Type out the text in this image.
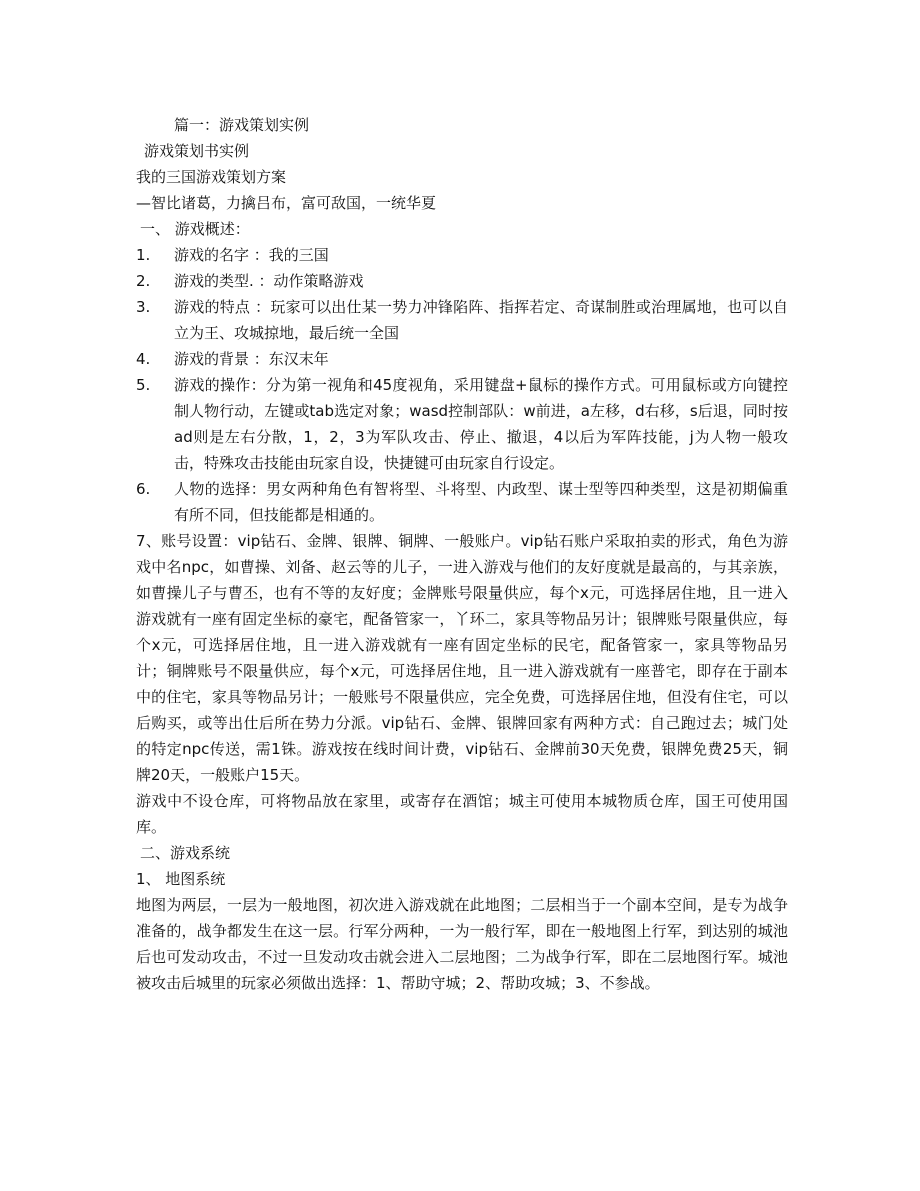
篇一：游戏策划实例
游戏策划书实例
我的三国游戏策划方案
—智比诸葛，力擒吕布，富可敌国，一统华夏
一、 游戏概述：
1.	游戏的名字 ：我的三国
2.	游戏的类型. ：动作策略游戏
3.	游戏的特点 ：玩家可以出仕某一势力冲锋陷阵、指挥若定、奇谋制胜或治理属地，也可以自立为王、攻城掠地，最后统一全国
4.	游戏的背景 ：东汉末年
5.	游戏的操作：分为第一视角和45度视角，采用键盘+鼠标的操作方式。可用鼠标或方向键控制人物行动，左键或tab选定对象；wasd控制部队：w前进，a左移，d右移，s后退，同时按ad则是左右分散，1，2，3为军队攻击、停止、撤退，4以后为军阵技能，j为人物一般攻击，特殊攻击技能由玩家自设，快捷键可由玩家自行设定。
6.	人物的选择：男女两种角色有智将型、斗将型、内政型、谋士型等四种类型，这是初期偏重有所不同，但技能都是相通的。
7、账号设置：vip钻石、金牌、银牌、铜牌、一般账户。vip钻石账户采取拍卖的形式，角色为游戏中名npc，如曹操、刘备、赵云等的儿子，一进入游戏与他们的友好度就是最高的，与其亲族，如曹操儿子与曹丕，也有不等的友好度；金牌账号限量供应，每个x元，可选择居住地，且一进入游戏就有一座有固定坐标的豪宅，配备管家一，丫环二，家具等物品另计；银牌账号限量供应，每个x元，可选择居住地，且一进入游戏就有一座有固定坐标的民宅，配备管家一，家具等物品另计；铜牌账号不限量供应，每个x元，可选择居住地，且一进入游戏就有一座普宅，即存在于副本中的住宅，家具等物品另计；一般账号不限量供应，完全免费，可选择居住地，但没有住宅，可以后购买，或等出仕后所在势力分派。vip钻石、金牌、银牌回家有两种方式：自己跑过去；城门处的特定npc传送，需1铢。游戏按在线时间计费，vip钻石、金牌前30天免费，银牌免费25天，铜牌20天，一般账户15天。
游戏中不设仓库，可将物品放在家里，或寄存在酒馆；城主可使用本城物质仓库，国王可使用国库。
二、游戏系统
1、 地图系统
地图为两层，一层为一般地图，初次进入游戏就在此地图；二层相当于一个副本空间，是专为战争准备的，战争都发生在这一层。行军分两种，一为一般行军，即在一般地图上行军，到达别的城池后也可发动攻击，不过一旦发动攻击就会进入二层地图；二为战争行军，即在二层地图行军。城池被攻击后城里的玩家必须做出选择：1、帮助守城；2、帮助攻城；3、不参战。
